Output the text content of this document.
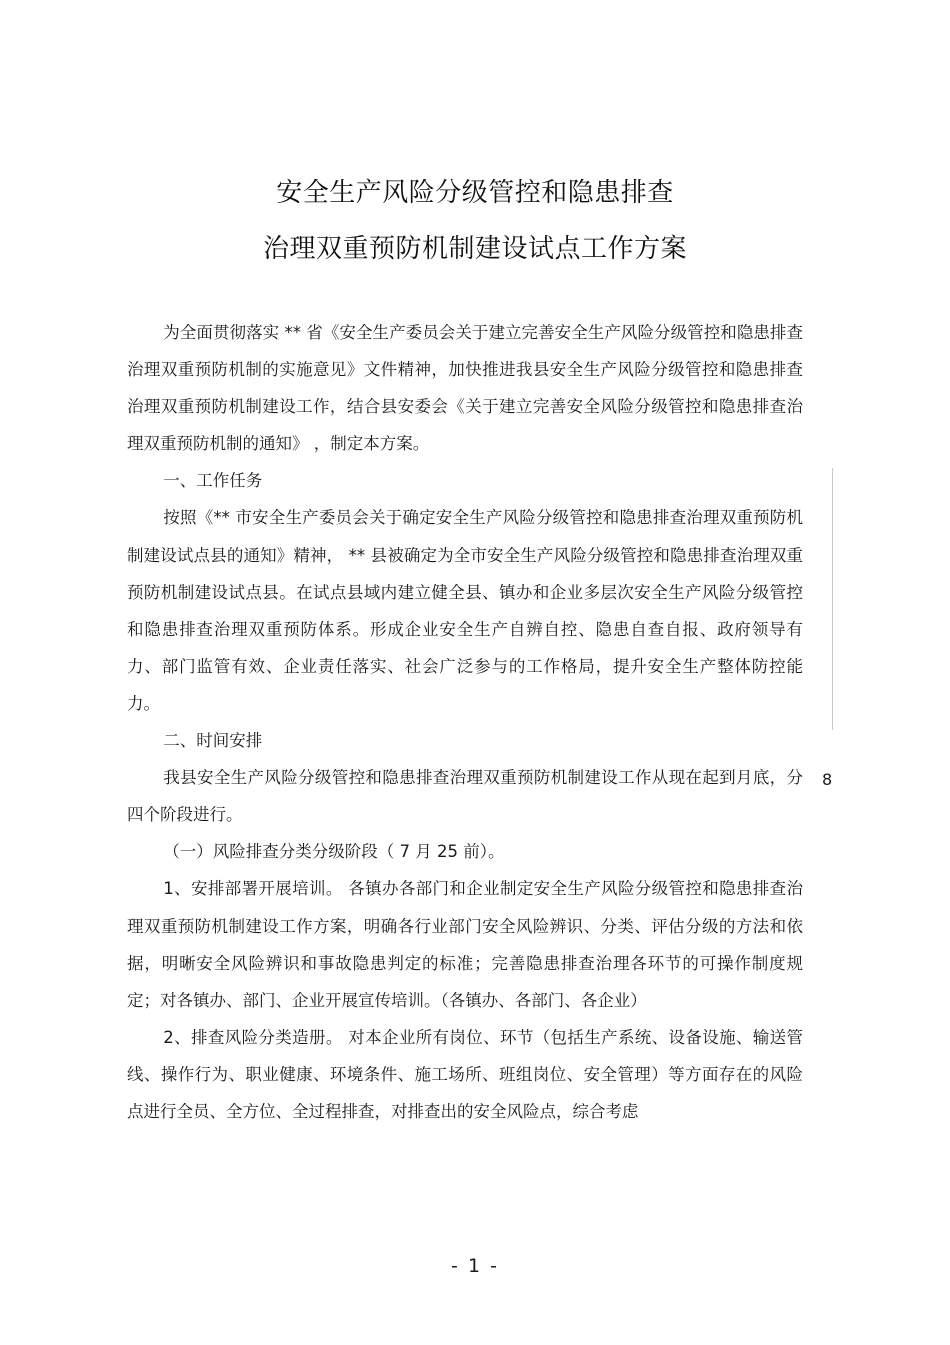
安全生产风险分级管控和隐患排查
治理双重预防机制建设试点工作方案

为全面贯彻落实 ** 省《安全生产委员会关于建立完善安全生产风险分级管控和隐患排查治理双重预防机制的实施意见》文件精神，加快推进我县安全生产风险分级管控和隐患排查治理双重预防机制建设工作，结合县安委会《关于建立完善安全风险分级管控和隐患排查治理双重预防机制的通知》 ，制定本方案。

一、工作任务

按照《** 市安全生产委员会关于确定安全生产风险分级管控和隐患排查治理双重预防机制建设试点县的通知》精神， ** 县被确定为全市安全生产风险分级管控和隐患排查治理双重预防机制建设试点县。在试点县域内建立健全县、镇办和企业多层次安全生产风险分级管控和隐患排查治理双重预防体系。形成企业安全生产自辨自控、隐患自查自报、政府领导有力、部门监管有效、企业责任落实、社会广泛参与的工作格局，提升安全生产整体防控能力。

二、时间安排

我县安全生产风险分级管控和隐患排查治理双重预防机制建设工作从现在起到月底，分四个阶段进行。

（一）风险排查分类分级阶段（ 7 月 25 前）。

1、安排部署开展培训。 各镇办各部门和企业制定安全生产风险分级管控和隐患排查治理双重预防机制建设工作方案，明确各行业部门安全风险辨识、分类、评估分级的方法和依据，明晰安全风险辨识和事故隐患判定的标准；完善隐患排查治理各环节的可操作制度规定；对各镇办、部门、企业开展宣传培训。（各镇办、各部门、各企业）

2、排查风险分类造册。 对本企业所有岗位、环节（包括生产系统、设备设施、输送管线、操作行为、职业健康、环境条件、施工场所、班组岗位、安全管理）等方面存在的风险点进行全员、全方位、全过程排查，对排查出的安全风险点，综合考虑

8
- 1 -
